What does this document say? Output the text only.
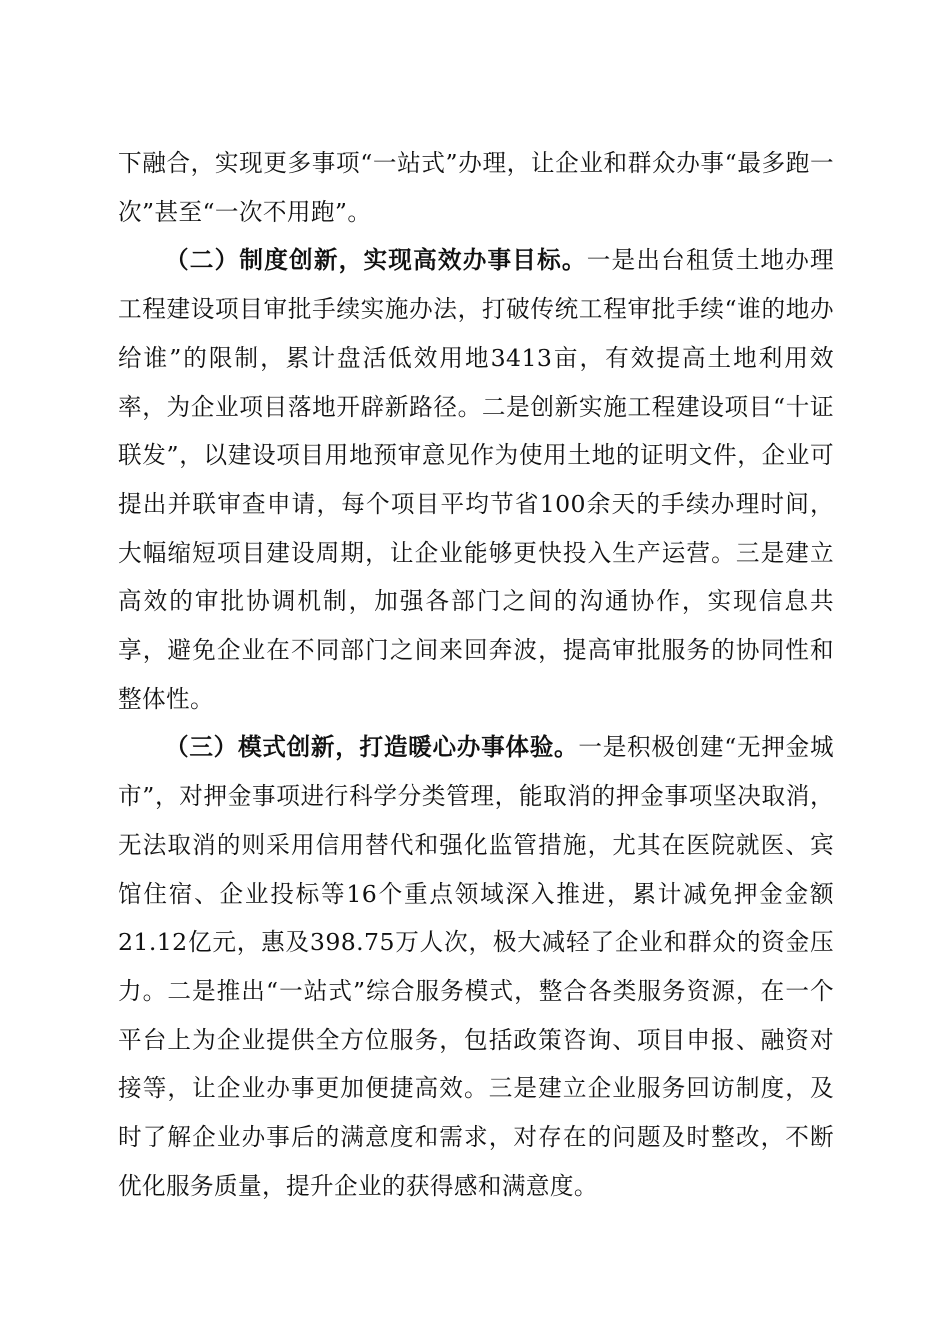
下融合，实现更多事项“一站式”办理，让企业和群众办事“最多跑一次”甚至“一次不用跑”。

（二）制度创新，实现高效办事目标。一是出台租赁土地办理工程建设项目审批手续实施办法，打破传统工程审批手续“谁的地办给谁”的限制，累计盘活低效用地3413亩，有效提高土地利用效率，为企业项目落地开辟新路径。二是创新实施工程建设项目“十证联发”，以建设项目用地预审意见作为使用土地的证明文件，企业可提出并联审查申请，每个项目平均节省100余天的手续办理时间，大幅缩短项目建设周期，让企业能够更快投入生产运营。三是建立高效的审批协调机制，加强各部门之间的沟通协作，实现信息共享，避免企业在不同部门之间来回奔波，提高审批服务的协同性和整体性。

（三）模式创新，打造暖心办事体验。一是积极创建“无押金城市”，对押金事项进行科学分类管理，能取消的押金事项坚决取消，无法取消的则采用信用替代和强化监管措施，尤其在医院就医、宾馆住宿、企业投标等16个重点领域深入推进，累计减免押金金额21.12亿元，惠及398.75万人次，极大减轻了企业和群众的资金压力。二是推出“一站式”综合服务模式，整合各类服务资源，在一个平台上为企业提供全方位服务，包括政策咨询、项目申报、融资对接等，让企业办事更加便捷高效。三是建立企业服务回访制度，及时了解企业办事后的满意度和需求，对存在的问题及时整改，不断优化服务质量，提升企业的获得感和满意度。
